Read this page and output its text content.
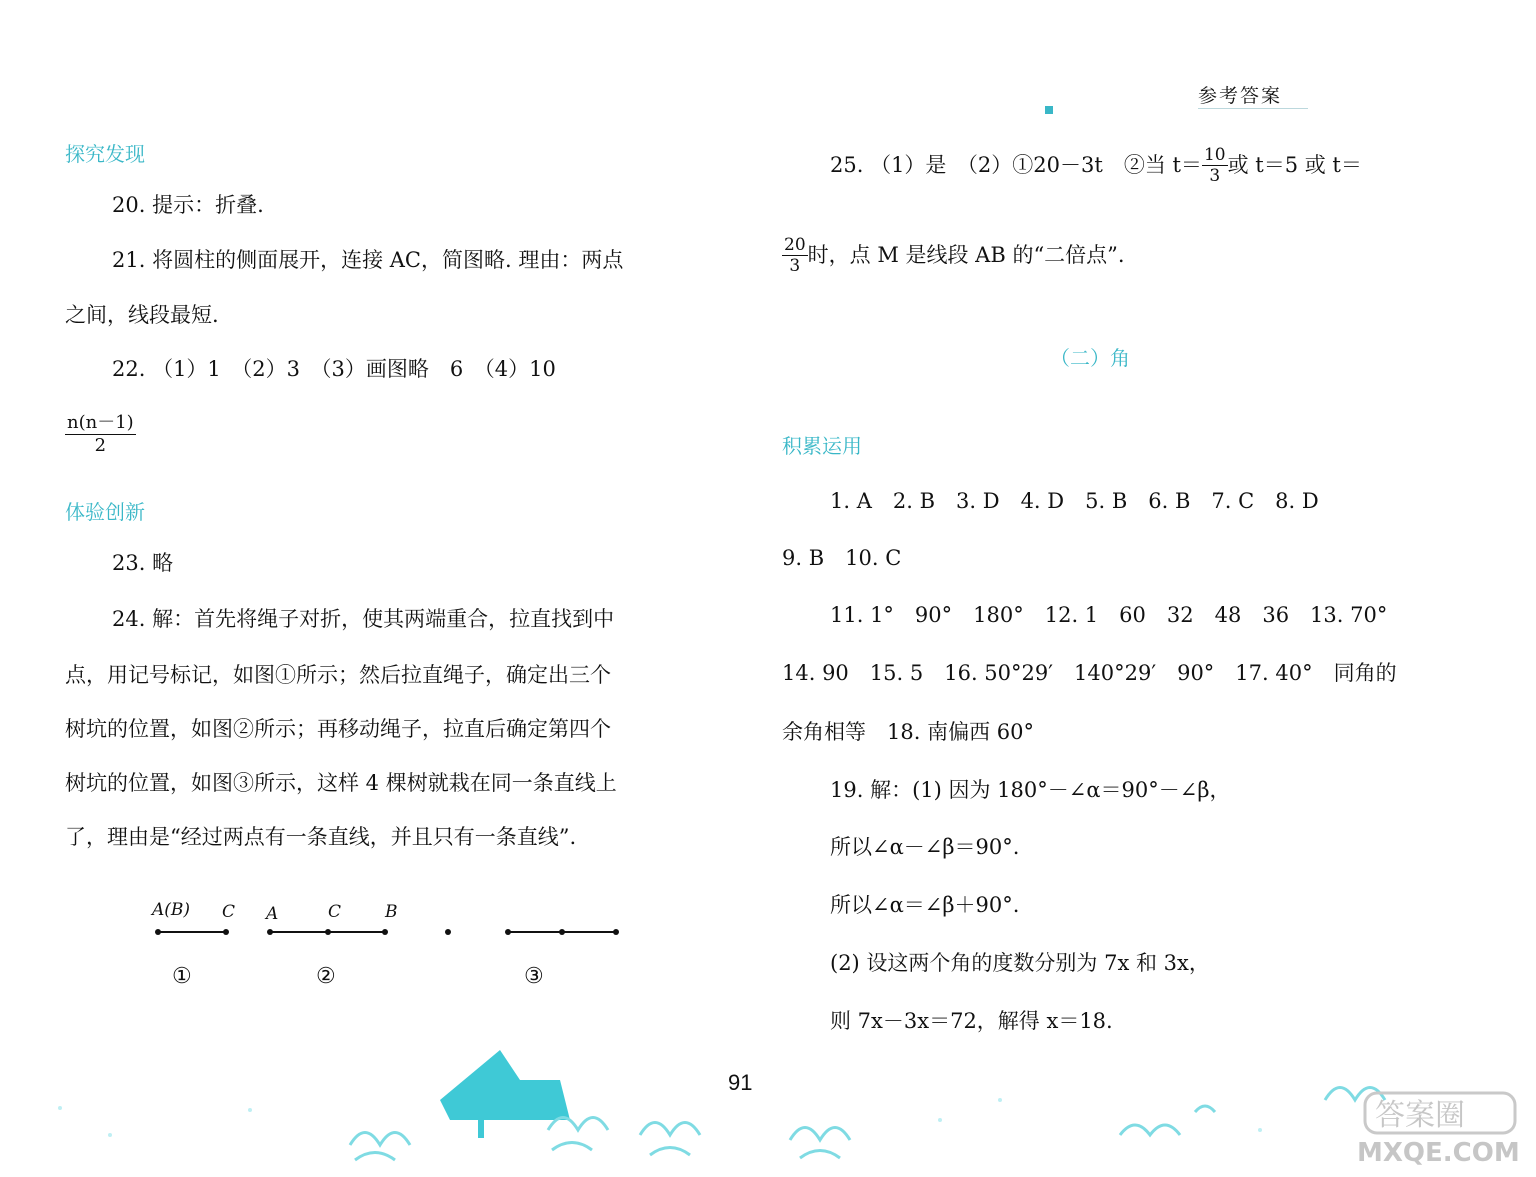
参考答案
探究发现
20. 提示：折叠.
21. 将圆柱的侧面展开，连接 AC，简图略. 理由：两点
之间，线段最短.
22. （1）1　（2）3　（3）画图略　6　（4）10
$\frac{n(n-1)}{2}$
体验创新
23. 略
24. 解：首先将绳子对折，使其两端重合，拉直找到中
点，用记号标记，如图①所示；然后拉直绳子，确定出三个
树坑的位置，如图②所示；再移动绳子，拉直后确定第四个
树坑的位置，如图③所示，这样 4 棵树就栽在同一条直线上
了，理由是“经过两点有一条直线，并且只有一条直线”.
A(B) C A	C	B
①	②	③
25. （1）是　（2）①20－3t　②当 $t= \frac{10}{3}$ 或 t＝5 或 t＝
$\frac{20}{3}$ 时，点 M 是线段 AB 的“二倍点”.
（二）角
积累运用
1. A　2. B　3. D　4. D　5. B　6. B　7. C　8. D
9. B　10. C
11. 1°　90°　180°　12. 1　60　32　48　36　13. 70°
14. 90　15. 5　16. 50°29′　140°29′　90°　17. 40°　同角的
余角相等　18. 南偏西 60°
19. 解：(1) 因为 180°－∠α＝90°－∠β，
所以∠α－∠β＝90°.
所以∠α＝∠β＋90°.
(2) 设这两个角的度数分别为 7x 和 3x，
则 7x－3x＝72，解得 x＝18.
91
答案圈
MXQE.COM
